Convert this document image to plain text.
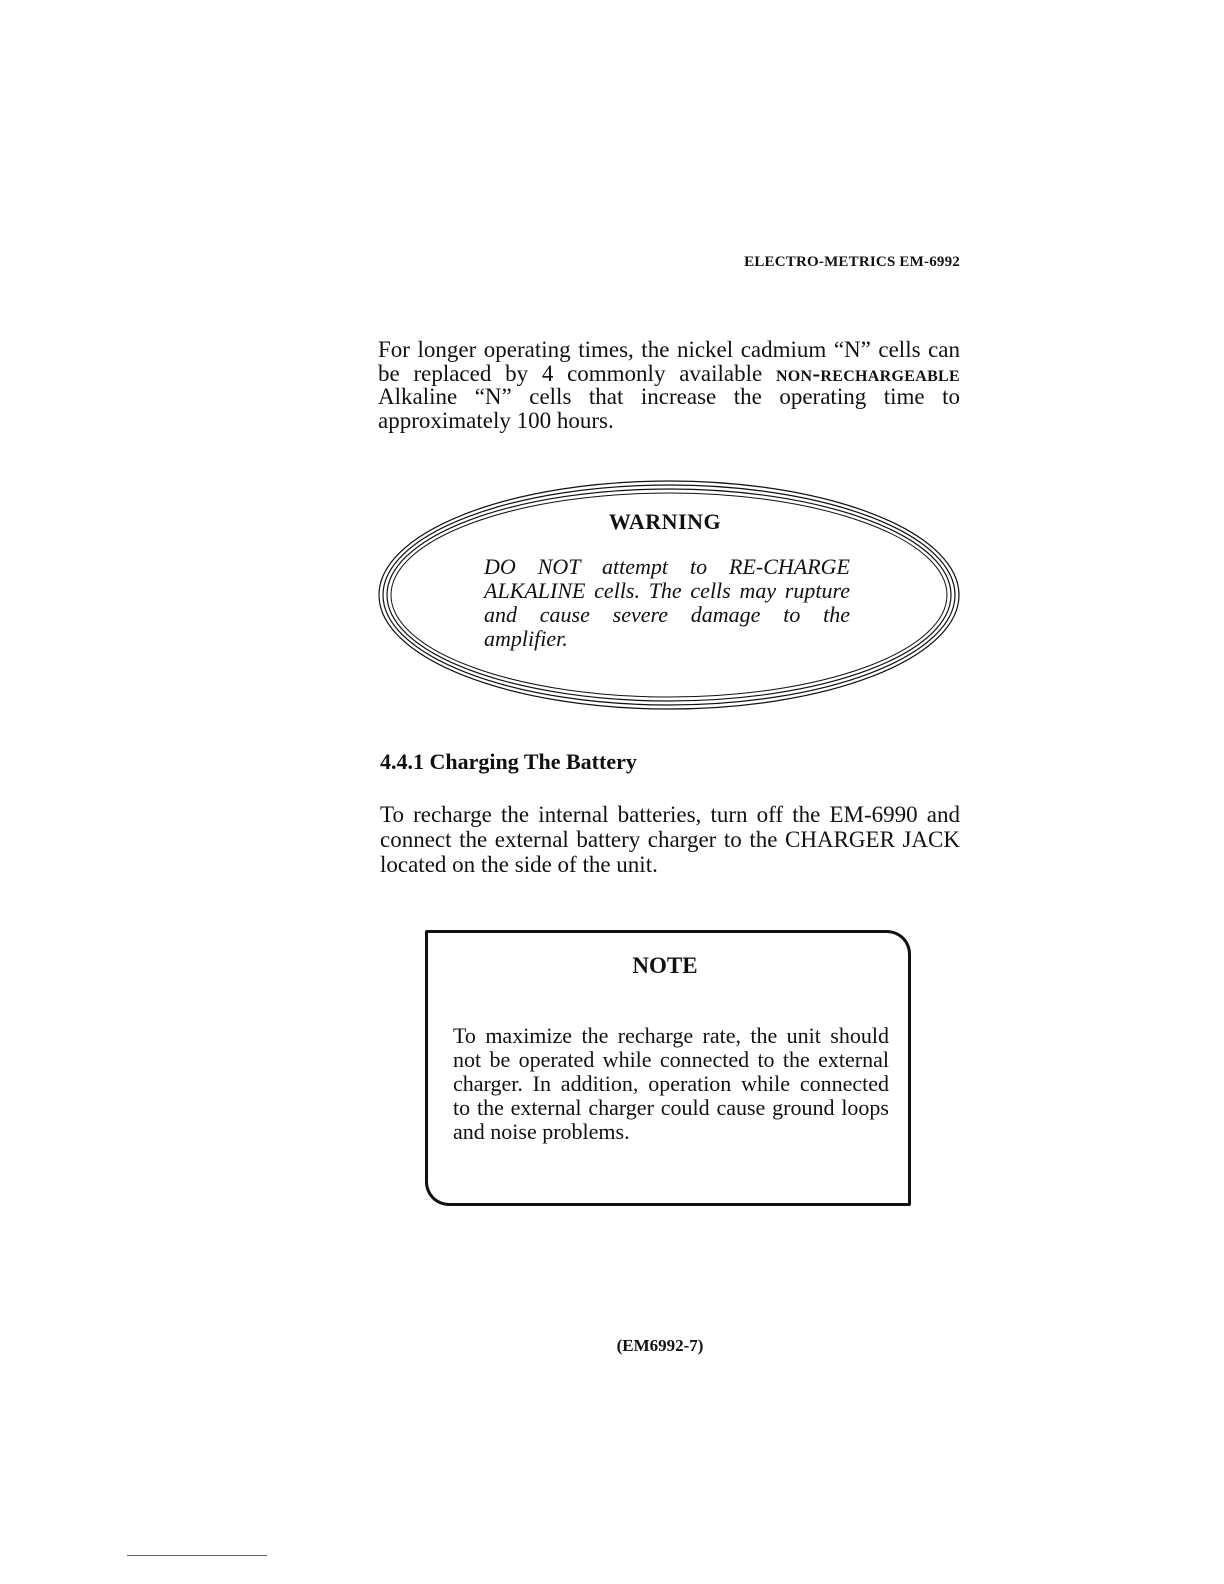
ELECTRO-METRICS EM-6992

For longer operating times, the nickel cadmium “N” cells can be replaced by 4 commonly available non-rechargeable Alkaline “N” cells that increase the operating time to approximately 100 hours.

WARNING

DO NOT attempt to RE-CHARGE ALKALINE cells. The cells may rupture and cause severe damage to the amplifier.

4.4.1 Charging The Battery

To recharge the internal batteries, turn off the EM-6990 and connect the external battery charger to the CHARGER JACK located on the side of the unit.

NOTE

To maximize the recharge rate, the unit should not be operated while connected to the external charger. In addition, operation while connected to the external charger could cause ground loops and noise problems.

(EM6992-7)
